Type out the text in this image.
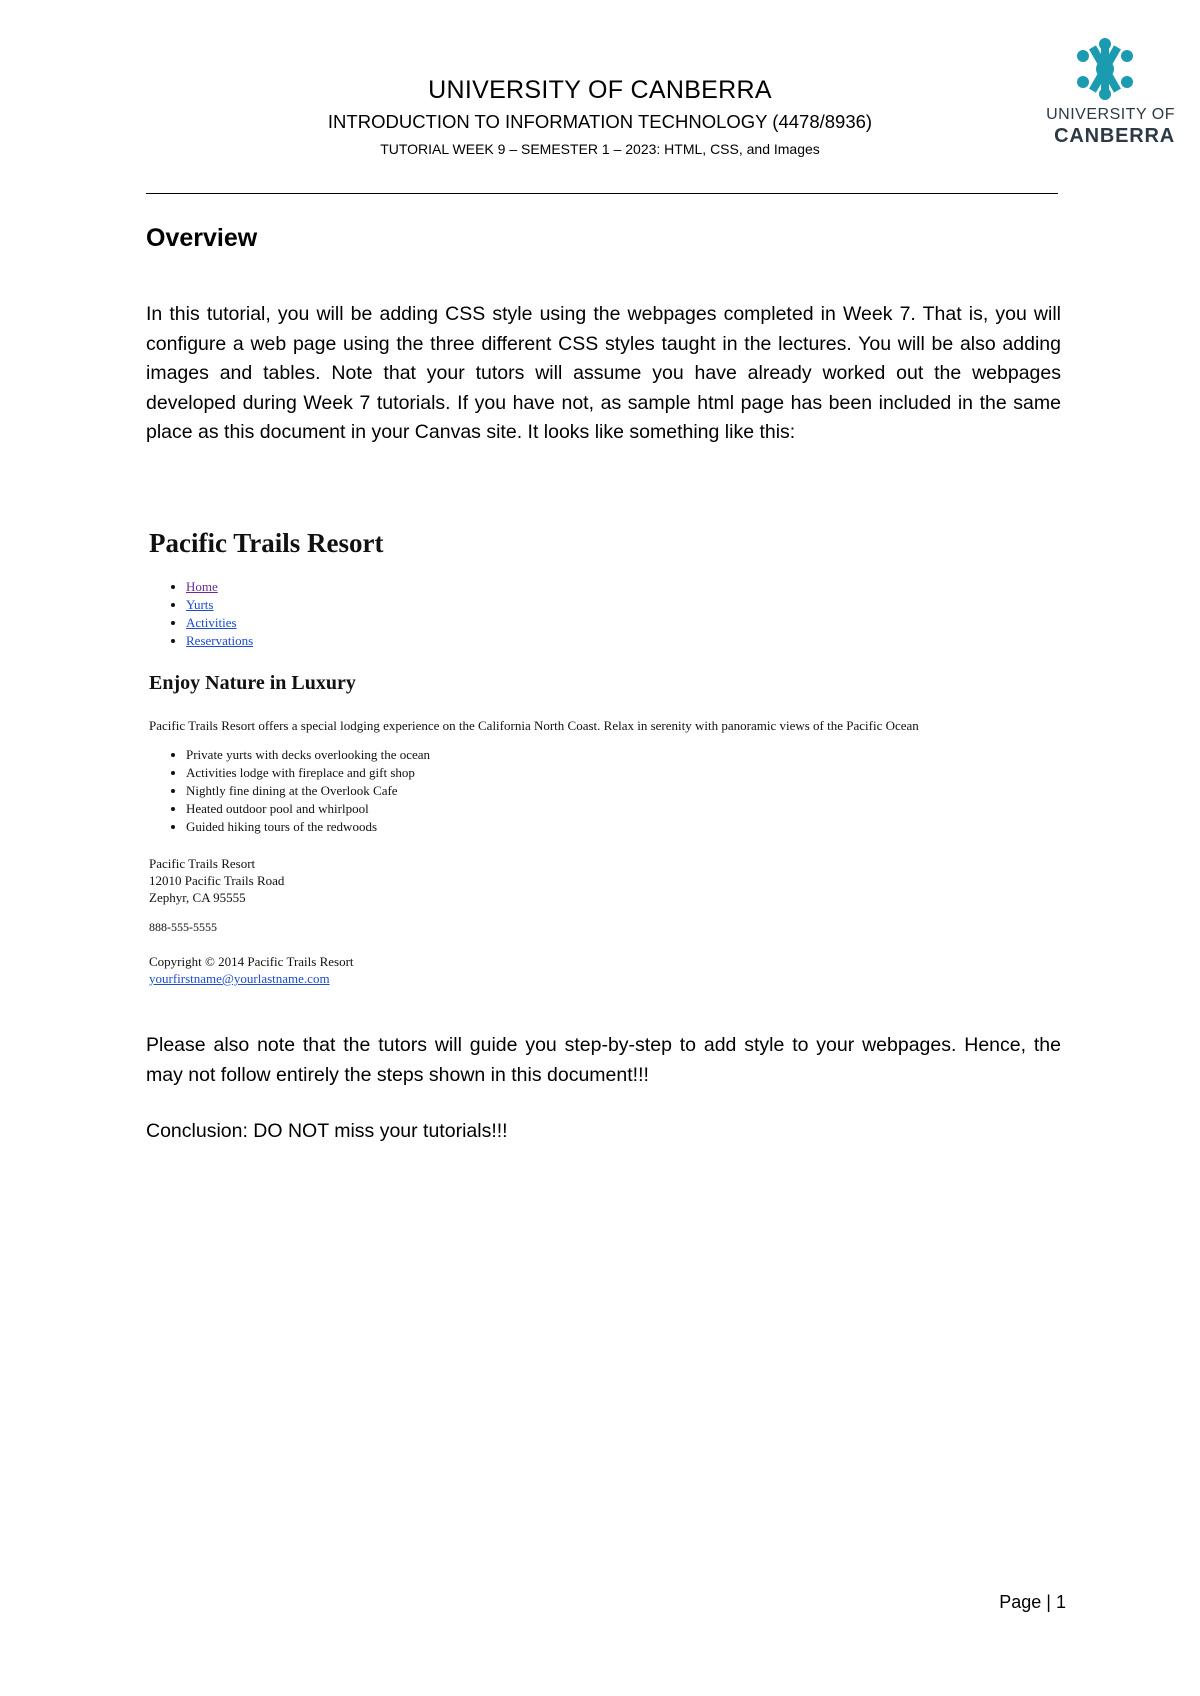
UNIVERSITY OF CANBERRA
INTRODUCTION TO INFORMATION TECHNOLOGY (4478/8936)
TUTORIAL WEEK 9 – SEMESTER 1 – 2023: HTML, CSS, and Images
UNIVERSITY OF
CANBERRA
Overview
In this tutorial, you will be adding CSS style using the webpages completed in Week 7. That is, you will configure a web page using the three different CSS styles taught in the lectures. You will be also adding images and tables. Note that your tutors will assume you have already worked out the webpages developed during Week 7 tutorials. If you have not, as sample html page has been included in the same place as this document in your Canvas site. It looks like something like this:
Pacific Trails Resort
• Home
• Yurts
• Activities
• Reservations
Enjoy Nature in Luxury
Pacific Trails Resort offers a special lodging experience on the California North Coast. Relax in serenity with panoramic views of the Pacific Ocean
• Private yurts with decks overlooking the ocean
• Activities lodge with fireplace and gift shop
• Nightly fine dining at the Overlook Cafe
• Heated outdoor pool and whirlpool
• Guided hiking tours of the redwoods
Pacific Trails Resort
12010 Pacific Trails Road
Zephyr, CA 95555
888-555-5555
Copyright © 2014 Pacific Trails Resort
yourfirstname@yourlastname.com
Please also note that the tutors will guide you step-by-step to add style to your webpages. Hence, the may not follow entirely the steps shown in this document!!!
Conclusion: DO NOT miss your tutorials!!!
Page | 1
